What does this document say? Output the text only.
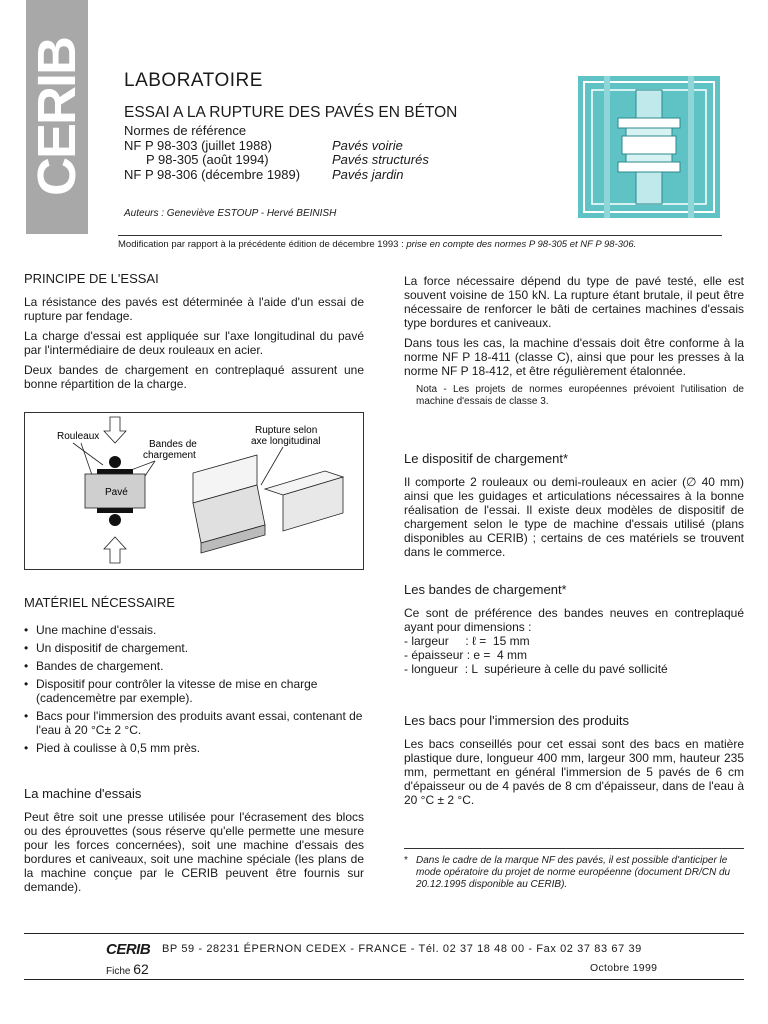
CERIB LABORATOIRE
ESSAI A LA RUPTURE DES PAVÉS EN BÉTON
Normes de référence
NF P 98-303 (juillet 1988)	Pavés voirie
P 98-305 (août 1994)	Pavés structurés
NF P 98-306 (décembre 1989) Pavés jardin
Auteurs : Geneviève ESTOUP - Hervé BEINISH
Modification par rapport à la précédente édition de décembre 1993 : prise en compte des normes P 98-305 et NF P 98-306.
PRINCIPE DE L'ESSAI

La résistance des pavés est déterminée à l'aide d'un essai de rupture par fendage.

La charge d'essai est appliquée sur l'axe longitudinal du pavé par l'intermédiaire de deux rouleaux en acier.

Deux bandes de chargement en contreplaqué assurent une bonne répartition de la charge.

Rouleaux
Bandes de
chargement
Rupture selon
axe longitudinal
Pavé
MATÉRIEL NÉCESSAIRE
• Une machine d'essais.
• Un dispositif de chargement.
• Bandes de chargement.
• Dispositif pour contrôler la vitesse de mise en charge (cadencemètre par exemple).
• Bacs pour l'immersion des produits avant essai, contenant de l'eau à 20 °C± 2 °C.
• Pied à coulisse à 0,5 mm près.
La machine d'essais

Peut être soit une presse utilisée pour l'écrasement des blocs ou des éprouvettes (sous réserve qu'elle permette une mesure pour les forces concernées), soit une machine d'essais des bordures et caniveaux, soit une machine spéciale (les plans de la machine conçue par le CERIB peuvent être fournis sur demande).

La force nécessaire dépend du type de pavé testé, elle est souvent voisine de 150 kN. La rupture étant brutale, il peut être nécessaire de renforcer le bâti de certaines machines d'essais type bordures et caniveaux.

Dans tous les cas, la machine d'essais doit être conforme à la norme NF P 18-411 (classe C), ainsi que pour les presses à la norme NF P 18-412, et être régulièrement étalonnée.

Nota - Les projets de normes européennes prévoient l'utilisation de machine d'essais de classe 3.

Le dispositif de chargement*

Il comporte 2 rouleaux ou demi-rouleaux en acier (∅ 40 mm) ainsi que les guidages et articulations nécessaires à la bonne réalisation de l'essai. Il existe deux modèles de dispositif de chargement selon le type de machine d'essais utilisé (plans disponibles au CERIB) ; certains de ces matériels se trouvent dans le commerce.

Les bandes de chargement*

Ce sont de préférence des bandes neuves en contreplaqué ayant pour dimensions :

- largeur     : ℓ =  15 mm
- épaisseur : e =  4 mm
- longueur  : L  supérieure à celle du pavé sollicité
Les bacs pour l'immersion des produits

Les bacs conseillés pour cet essai sont des bacs en matière plastique dure, longueur 400 mm, largeur 300 mm, hauteur 235 mm, permettant en général l'immersion de 5 pavés de 6 cm d'épaisseur ou de 4 pavés de 8 cm d'épaisseur, dans de l'eau à 20 °C ± 2 °C.

* Dans le cadre de la marque NF des pavés, il est possible d'anticiper le mode opératoire du projet de norme européenne (document DR/CN du 20.12.1995 disponible au CERIB).
CERIB BP 59 - 28231 ÉPERNON CEDEX - FRANCE - Tél. 02 37 18 48 00 - Fax 02 37 83 67 39
Fiche 62	Octobre 1999
